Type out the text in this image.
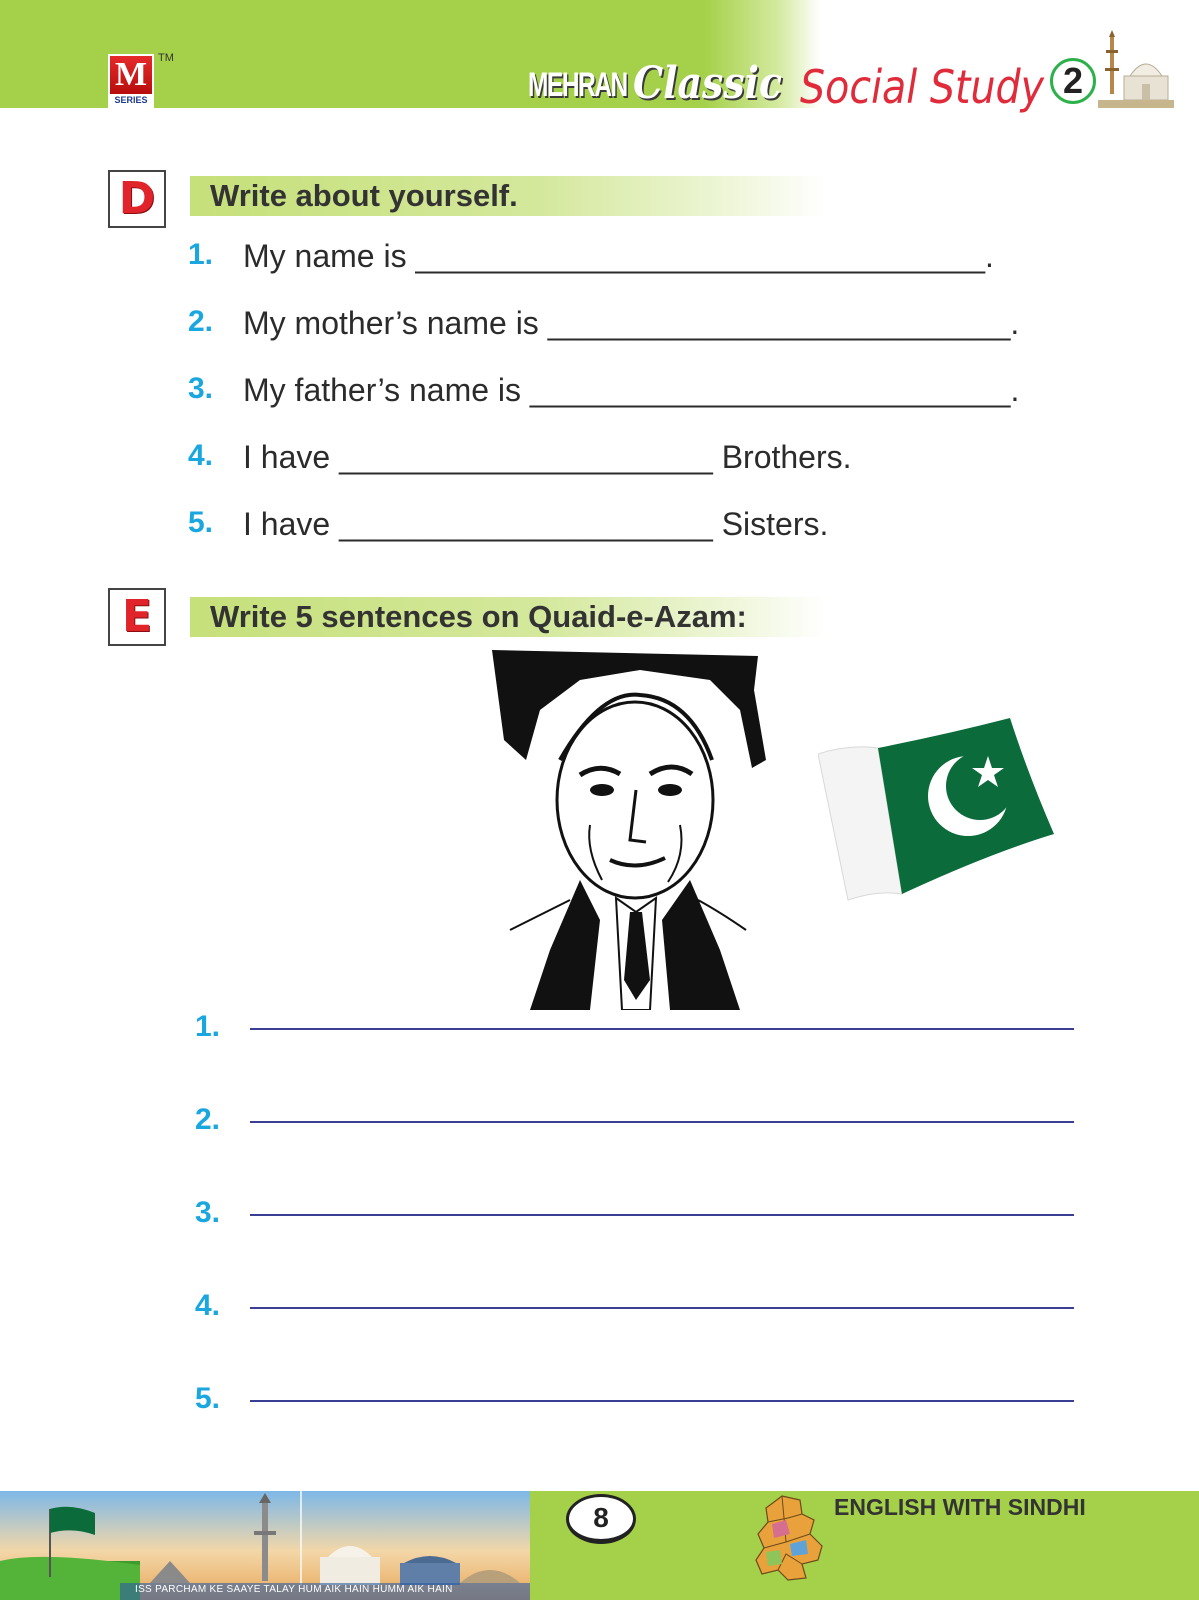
M
SERIES
TM
MEHRAN Classic Social Study 2
D Write about yourself.
1. My name is ________________________________.
2. My mother’s name is __________________________.
3. My father’s name is ___________________________.
4. I have _____________________ Brothers.
5. I have _____________________ Sisters.
E	Write 5 sentences on Quaid-e-Azam:
1.
2.
3.
4.
5.
ISS PARCHAM KE SAAYE TALAY HUM AIK HAIN HUMM AIK HAIN
8	ENGLISH WITH SINDHI
